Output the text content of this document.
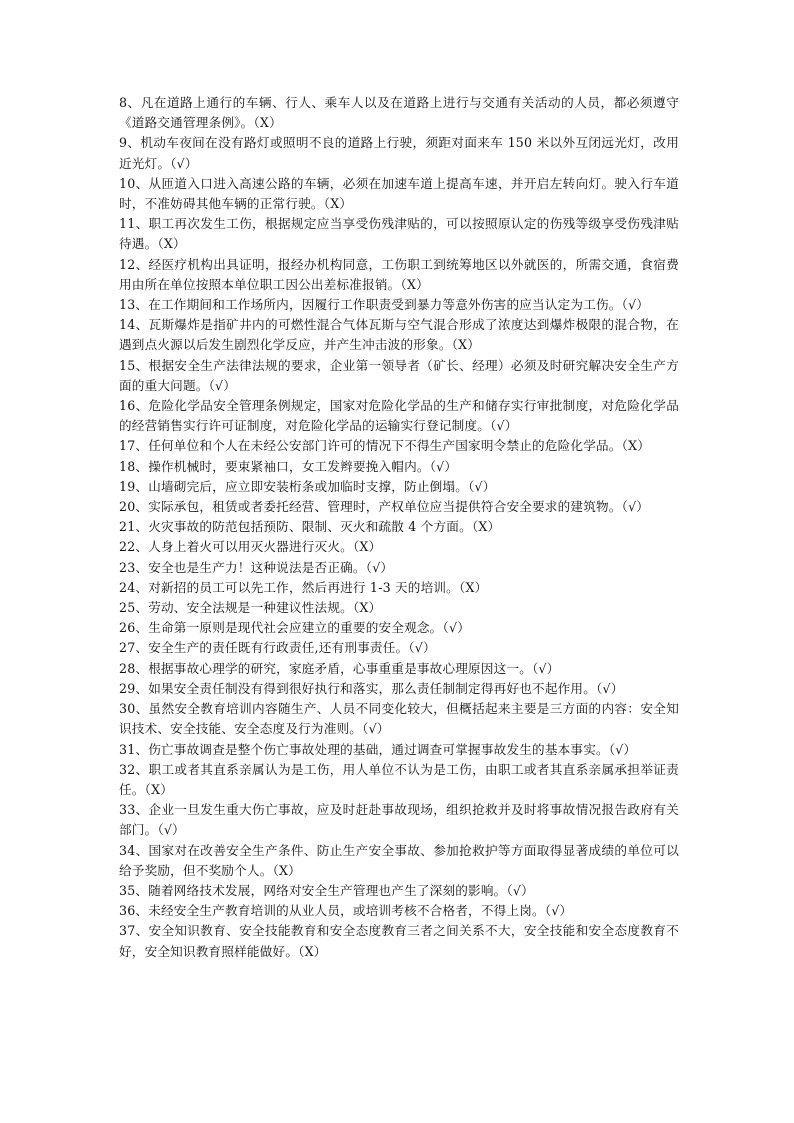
8、凡在道路上通行的车辆、行人、乘车人以及在道路上进行与交通有关活动的人员，都必须遵守《道路交通管理条例》。（X）

9、机动车夜间在没有路灯或照明不良的道路上行驶，须距对面来车 150 米以外互闭远光灯，改用近光灯。（√）

10、从匝道入口进入高速公路的车辆，必须在加速车道上提高车速，并开启左转向灯。驶入行车道时，不准妨碍其他车辆的正常行驶。（X）

11、职工再次发生工伤，根据规定应当享受伤残津贴的，可以按照原认定的伤残等级享受伤残津贴待遇。（X）

12、经医疗机构出具证明，报经办机构同意，工伤职工到统筹地区以外就医的，所需交通，食宿费用由所在单位按照本单位职工因公出差标准报销。（X）

13、在工作期间和工作场所内，因履行工作职责受到暴力等意外伤害的应当认定为工伤。（√）

14、瓦斯爆炸是指矿井内的可燃性混合气体瓦斯与空气混合形成了浓度达到爆炸极限的混合物，在遇到点火源以后发生剧烈化学反应，并产生冲击波的形象。（X）

15、根据安全生产法律法规的要求，企业第一领导者（矿长、经理）必须及时研究解决安全生产方面的重大问题。（√）

16、危险化学品安全管理条例规定，国家对危险化学品的生产和储存实行审批制度，对危险化学品的经营销售实行许可证制度，对危险化学品的运输实行登记制度。（√）

17、任何单位和个人在未经公安部门许可的情况下不得生产国家明令禁止的危险化学品。（X）

18、操作机械时，要束紧袖口，女工发辫要挽入帽内。（√）

19、山墙砌完后，应立即安装桁条或加临时支撑，防止倒塌。（√）

20、实际承包，租赁或者委托经营、管理时，产权单位应当提供符合安全要求的建筑物。（√）

21、火灾事故的防范包括预防、限制、灭火和疏散 4 个方面。（X）

22、人身上着火可以用灭火器进行灭火。（X）

23、安全也是生产力！这种说法是否正确。（√）

24、对新招的员工可以先工作，然后再进行 1-3 天的培训。（X）

25、劳动、安全法规是一种建议性法规。（X）

26、生命第一原则是现代社会应建立的重要的安全观念。（√）

27、安全生产的责任既有行政责任,还有刑事责任。（√）

28、根据事故心理学的研究，家庭矛盾，心事重重是事故心理原因这一。（√）

29、如果安全责任制没有得到很好执行和落实，那么责任制制定得再好也不起作用。（√）

30、虽然安全教育培训内容随生产、人员不同变化较大，但概括起来主要是三方面的内容：安全知识技术、安全技能、安全态度及行为准则。（√）

31、伤亡事故调查是整个伤亡事故处理的基础，通过调查可掌握事故发生的基本事实。（√）

32、职工或者其直系亲属认为是工伤，用人单位不认为是工伤，由职工或者其直系亲属承担举证责任。（X）

33、企业一旦发生重大伤亡事故，应及时赶赴事故现场，组织抢救并及时将事故情况报告政府有关部门。（√）

34、国家对在改善安全生产条件、防止生产安全事故、参加抢救护等方面取得显著成绩的单位可以给予奖励，但不奖励个人。（X）

35、随着网络技术发展，网络对安全生产管理也产生了深刻的影响。（√）

36、未经安全生产教育培训的从业人员，或培训考核不合格者，不得上岗。（√）

37、安全知识教育、安全技能教育和安全态度教育三者之间关系不大，安全技能和安全态度教育不好，安全知识教育照样能做好。（X）
